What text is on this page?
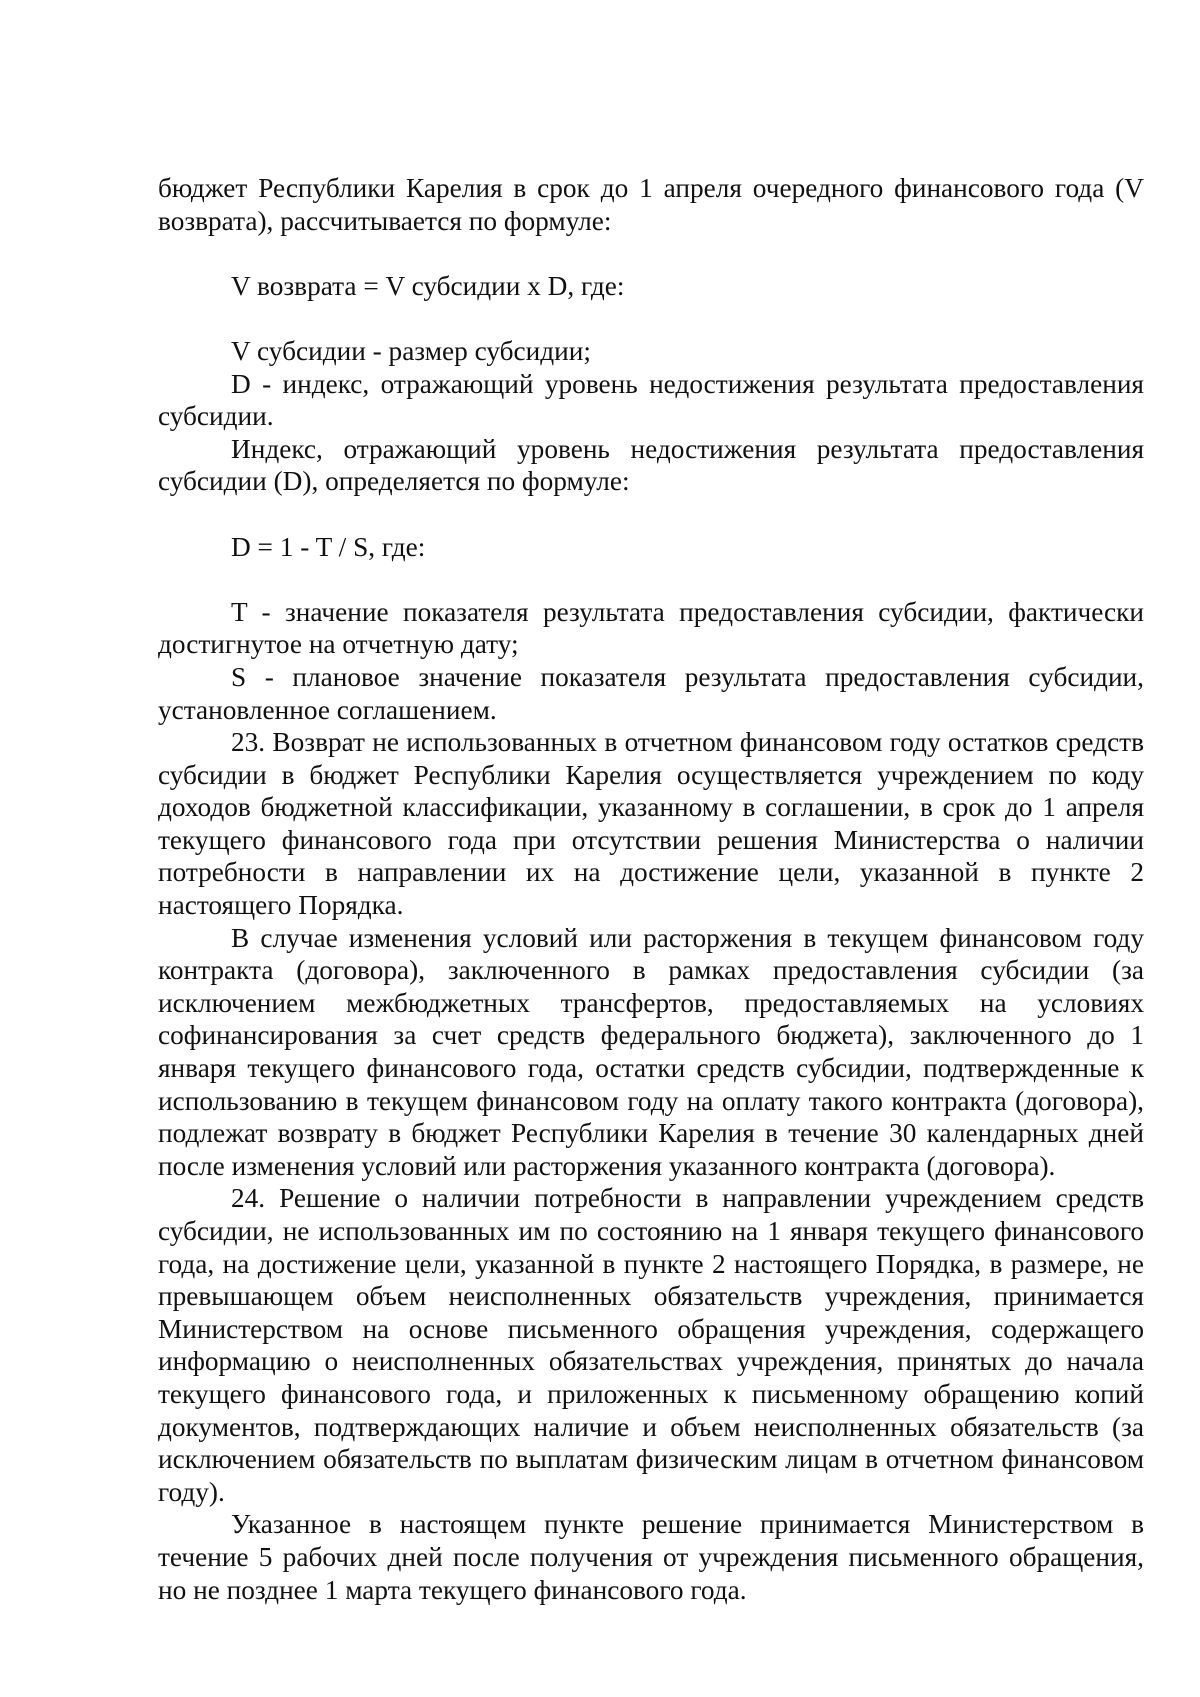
бюджет Республики Карелия в срок до 1 апреля очередного финансового года (V возврата), рассчитывается по формуле:

V возврата = V субсидии x D, где:

V субсидии - размер субсидии;

D - индекс, отражающий уровень недостижения результата предоставления субсидии.

Индекс, отражающий уровень недостижения результата предоставления субсидии (D), определяется по формуле:

D = 1 - T / S, где:

T - значение показателя результата предоставления субсидии, фактически достигнутое на отчетную дату;

S - плановое значение показателя результата предоставления субсидии, установленное соглашением.

23. Возврат не использованных в отчетном финансовом году остатков средств субсидии в бюджет Республики Карелия осуществляется учреждением по коду доходов бюджетной классификации, указанному в соглашении, в срок до 1 апреля текущего финансового года при отсутствии решения Министерства о наличии потребности в направлении их на достижение цели, указанной в пункте 2 настоящего Порядка.

В случае изменения условий или расторжения в текущем финансовом году контракта (договора), заключенного в рамках предоставления субсидии (за исключением межбюджетных трансфертов, предоставляемых на условиях софинансирования за счет средств федерального бюджета), заключенного до 1 января текущего финансового года, остатки средств субсидии, подтвержденные к использованию в текущем финансовом году на оплату такого контракта (договора), подлежат возврату в бюджет Республики Карелия в течение 30 календарных дней после изменения условий или расторжения указанного контракта (договора).

24. Решение о наличии потребности в направлении учреждением средств субсидии, не использованных им по состоянию на 1 января текущего финансового года, на достижение цели, указанной в пункте 2 настоящего Порядка, в размере, не превышающем объем неисполненных обязательств учреждения, принимается Министерством на основе письменного обращения учреждения, содержащего информацию о неисполненных обязательствах учреждения, принятых до начала текущего финансового года, и приложенных к письменному обращению копий документов, подтверждающих наличие и объем неисполненных обязательств (за исключением обязательств по выплатам физическим лицам в отчетном финансовом году).

Указанное в настоящем пункте решение принимается Министерством в течение 5 рабочих дней после получения от учреждения письменного обращения, но не позднее 1 марта текущего финансового года.
